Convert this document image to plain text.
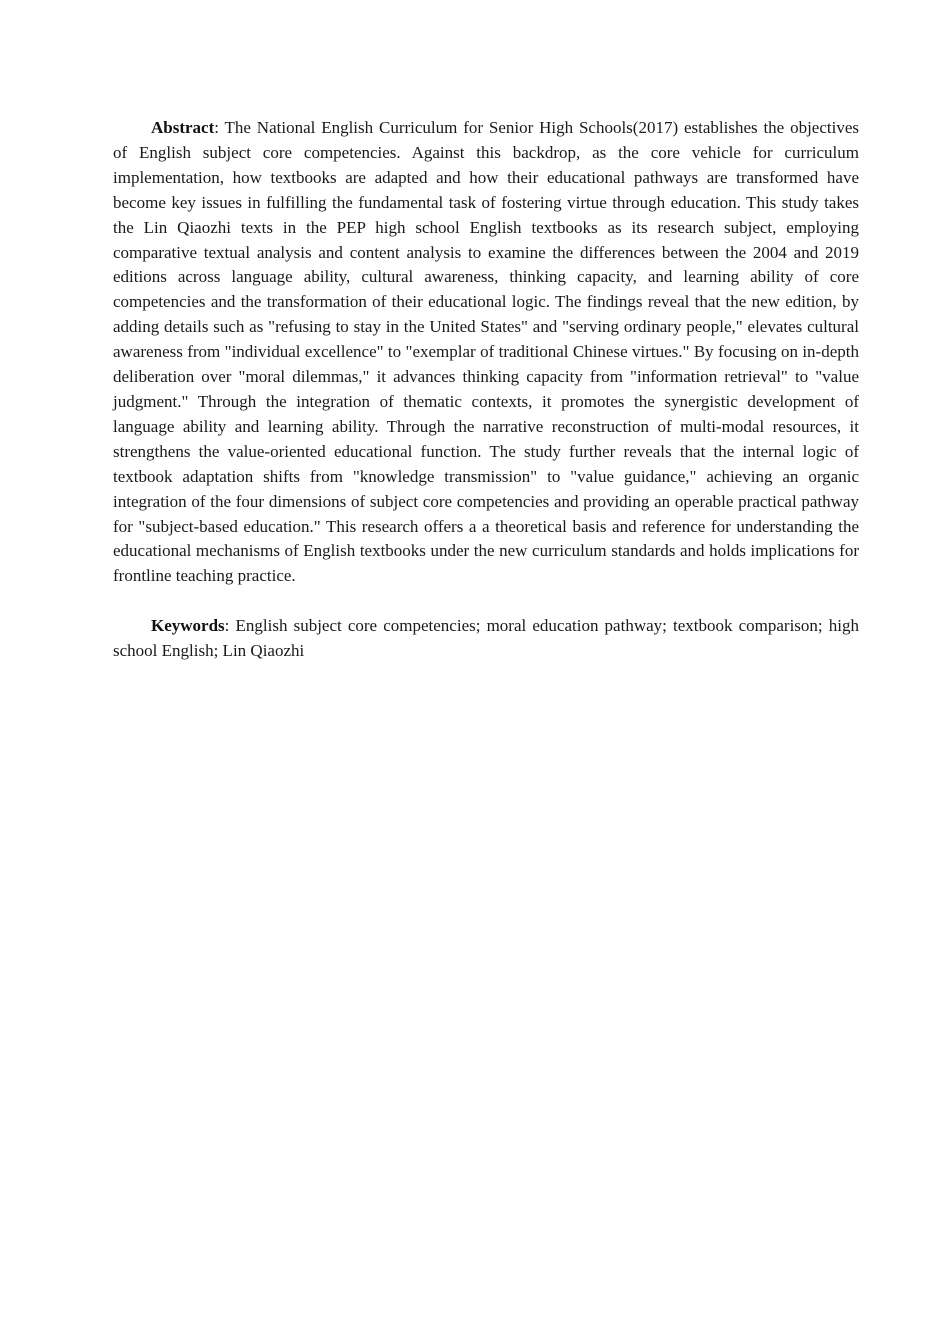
Abstract: The National English Curriculum for Senior High Schools(2017) establishes the objectives of English subject core competencies. Against this backdrop, as the core vehicle for curriculum implementation, how textbooks are adapted and how their educational pathways are transformed have become key issues in fulfilling the fundamental task of fostering virtue through education. This study takes the Lin Qiaozhi texts in the PEP high school English textbooks as its research subject, employing comparative textual analysis and content analysis to examine the differences between the 2004 and 2019 editions across language ability, cultural awareness, thinking capacity, and learning ability of core competencies and the transformation of their educational logic. The findings reveal that the new edition, by adding details such as "refusing to stay in the United States" and "serving ordinary people," elevates cultural awareness from "individual excellence" to "exemplar of traditional Chinese virtues." By focusing on in-depth deliberation over "moral dilemmas," it advances thinking capacity from "information retrieval" to "value judgment." Through the integration of thematic contexts, it promotes the synergistic development of language ability and learning ability. Through the narrative reconstruction of multi-modal resources, it strengthens the value-oriented educational function. The study further reveals that the internal logic of textbook adaptation shifts from "knowledge transmission" to "value guidance," achieving an organic integration of the four dimensions of subject core competencies and providing an operable practical pathway for "subject-based education." This research offers a a theoretical basis and reference for understanding the educational mechanisms of English textbooks under the new curriculum standards and holds implications for frontline teaching practice.

Keywords: English subject core competencies; moral education pathway; textbook comparison; high school English; Lin Qiaozhi
